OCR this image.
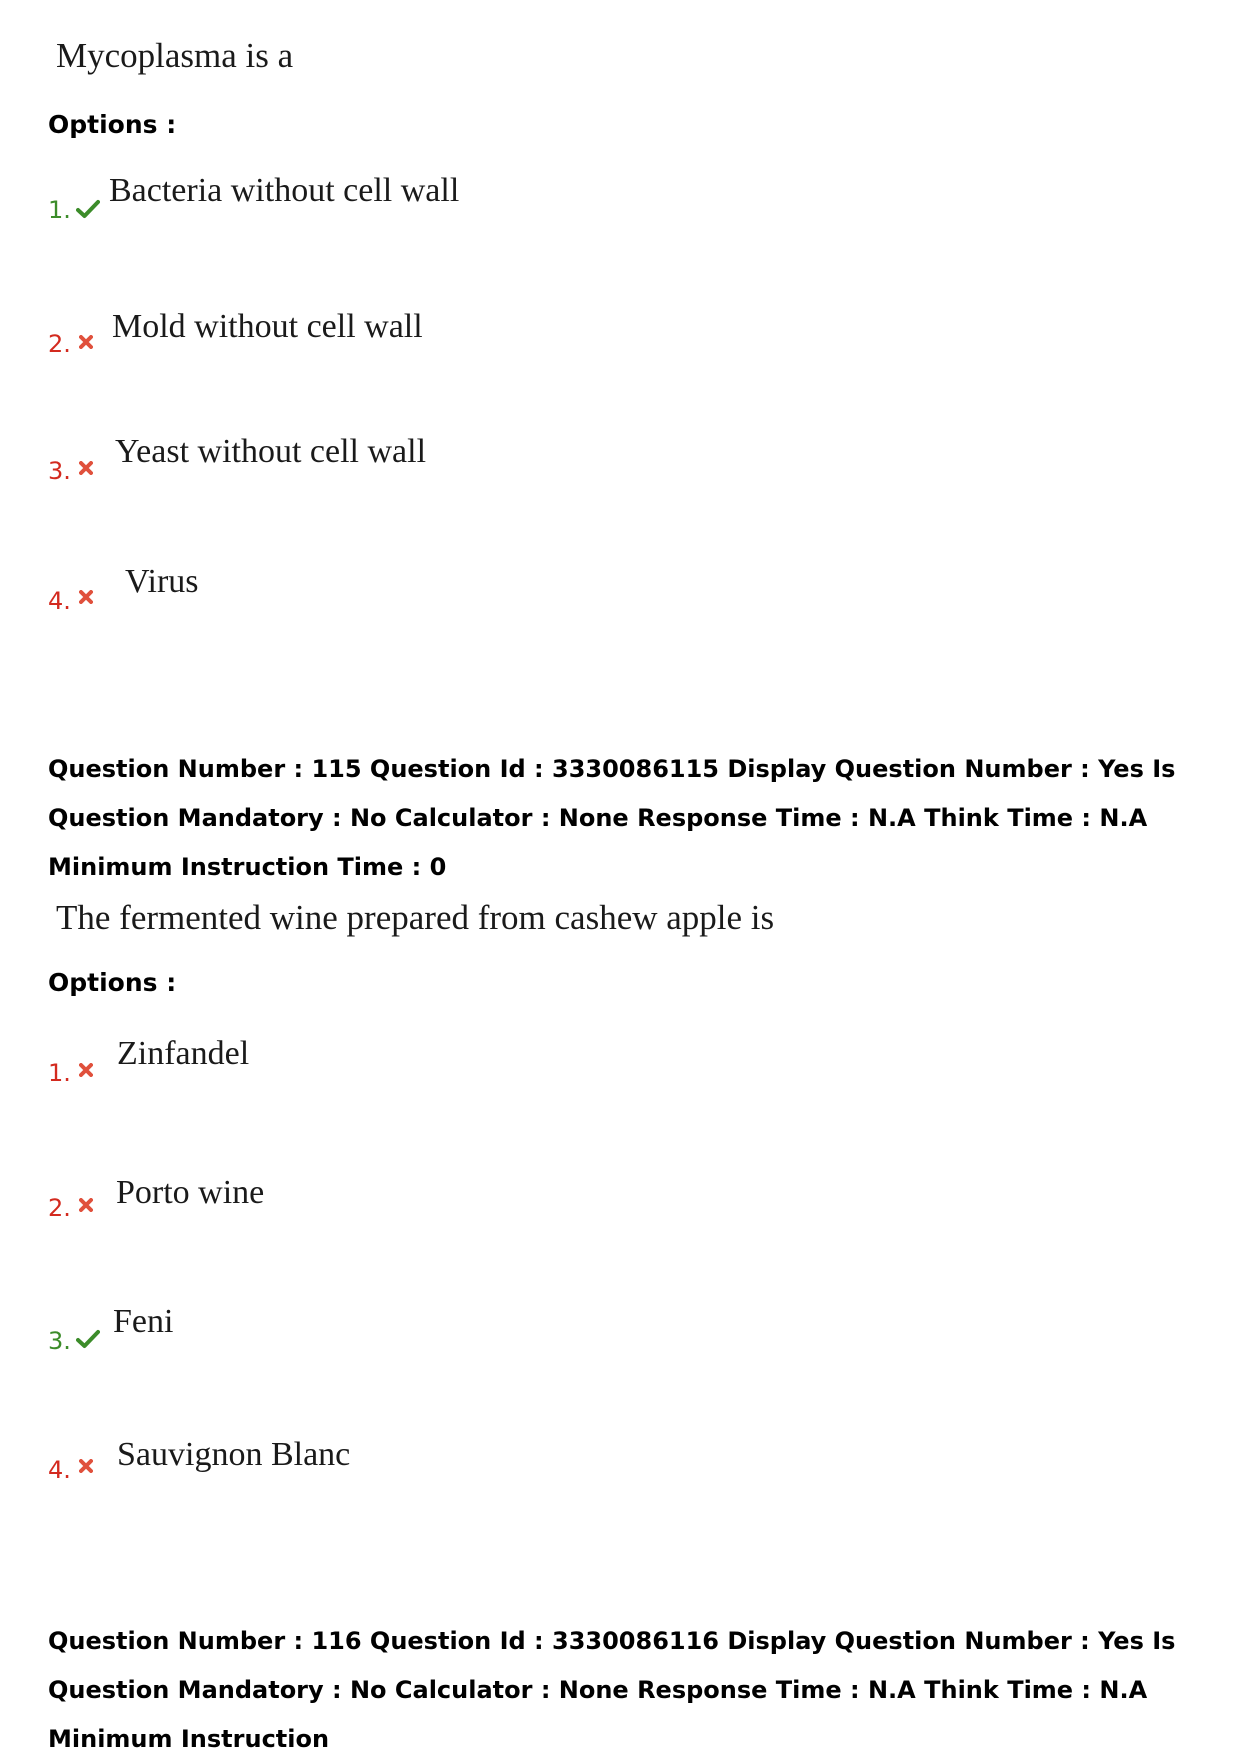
Mycoplasma is a
Options :
1.
Bacteria without cell wall
2. Mold without cell wall
3.
Yeast without cell wall
4.
Virus
Question Number : 115 Question Id : 3330086115 Display Question Number : Yes Is Question Mandatory : No Calculator : None Response Time : N.A Think Time : N.A Minimum Instruction Time : 0
The fermented wine prepared from cashew apple is
Options :
1.
Zinfandel
2. Porto wine
3.
Feni
4. Sauvignon Blanc
Question Number : 116 Question Id : 3330086116 Display Question Number : Yes Is Question Mandatory : No Calculator : None Response Time : N.A Think Time : N.A Minimum Instruction
